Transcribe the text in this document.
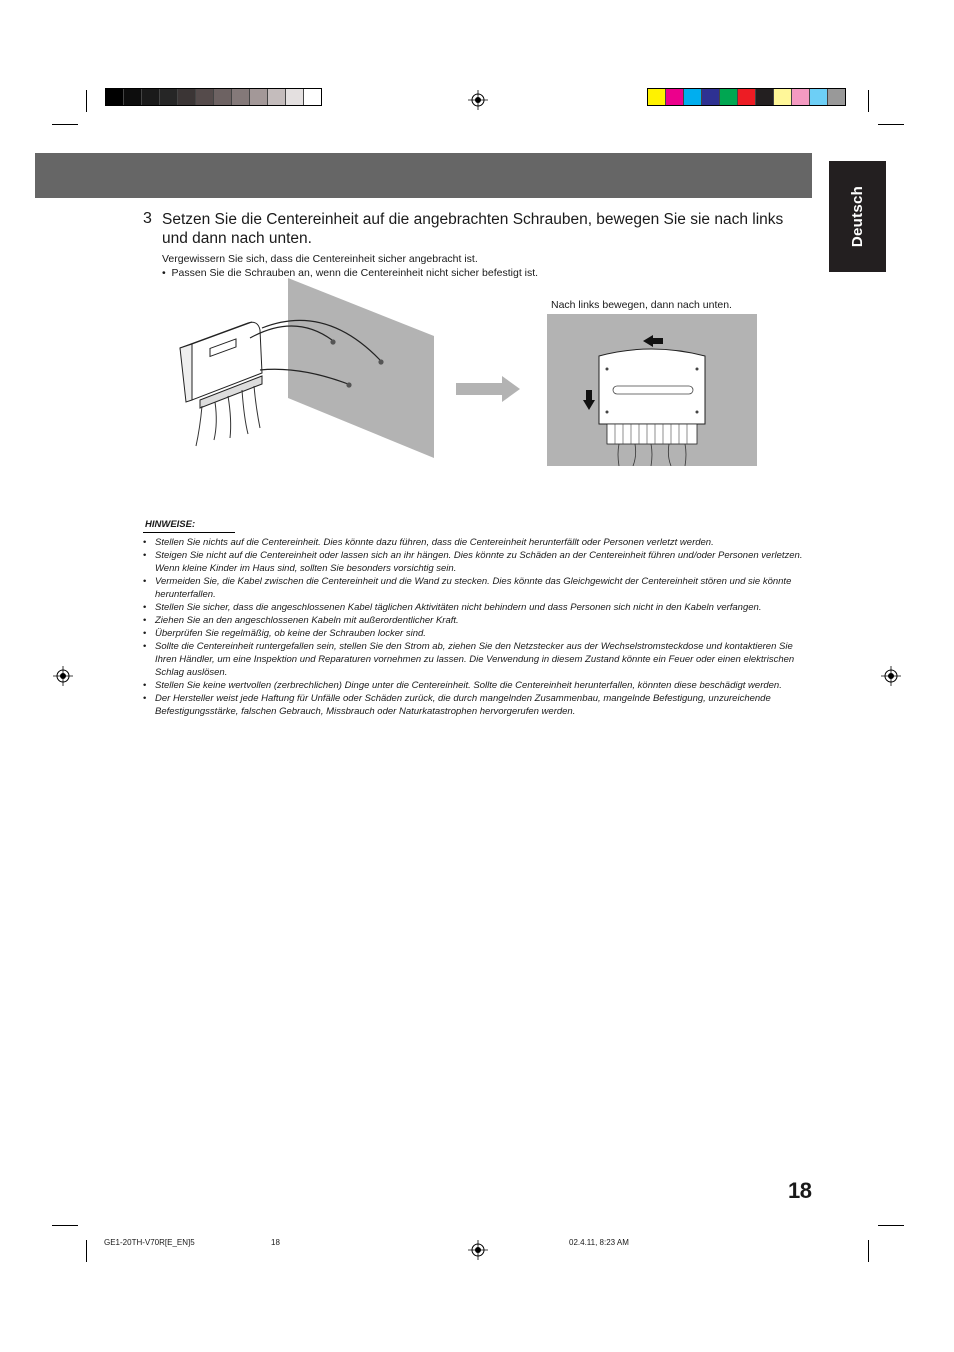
Deutsch
3 Setzen Sie die Centereinheit auf die angebrachten Schrauben, bewegen Sie sie nach links und dann nach unten.
Vergewissern Sie sich, dass die Centereinheit sicher angebracht ist.
•  Passen Sie die Schrauben an, wenn die Centereinheit nicht sicher befestigt ist.
Nach links bewegen, dann nach unten.
HINWEISE:
• Stellen Sie nichts auf die Centereinheit. Dies könnte dazu führen, dass die Centereinheit herunterfällt oder Personen verletzt werden.
• Steigen Sie nicht auf die Centereinheit oder lassen sich an ihr hängen. Dies könnte zu Schäden an der Centereinheit führen und/oder Personen verletzen.
Wenn kleine Kinder im Haus sind, sollten Sie besonders vorsichtig sein.
• Vermeiden Sie, die Kabel zwischen die Centereinheit und die Wand zu stecken. Dies könnte das Gleichgewicht der Centereinheit stören und sie könnte herunterfallen.
• Stellen Sie sicher, dass die angeschlossenen Kabel täglichen Aktivitäten nicht behindern und dass Personen sich nicht in den Kabeln verfangen.
• Ziehen Sie an den angeschlossenen Kabeln mit außerordentlicher Kraft.
• Überprüfen Sie regelmäßig, ob keine der Schrauben locker sind.
• Sollte die Centereinheit runtergefallen sein, stellen Sie den Strom ab, ziehen Sie den Netzstecker aus der Wechselstromsteckdose und kontaktieren Sie Ihren Händler, um eine Inspektion und Reparaturen vornehmen zu lassen. Die Verwendung in diesem Zustand könnte ein Feuer oder einen elektrischen Schlag auslösen.
• Stellen Sie keine wertvollen (zerbrechlichen) Dinge unter die Centereinheit. Sollte die Centereinheit herunterfallen, könnten diese beschädigt werden.
• Der Hersteller weist jede Haftung für Unfälle oder Schäden zurück, die durch mangelnden Zusammenbau, mangelnde Befestigung, unzureichende Befestigungsstärke, falschen Gebrauch, Missbrauch oder Naturkatastrophen hervorgerufen werden.
18
GE1-20TH-V70R[E_EN]5	18	02.4.11, 8:23 AM
